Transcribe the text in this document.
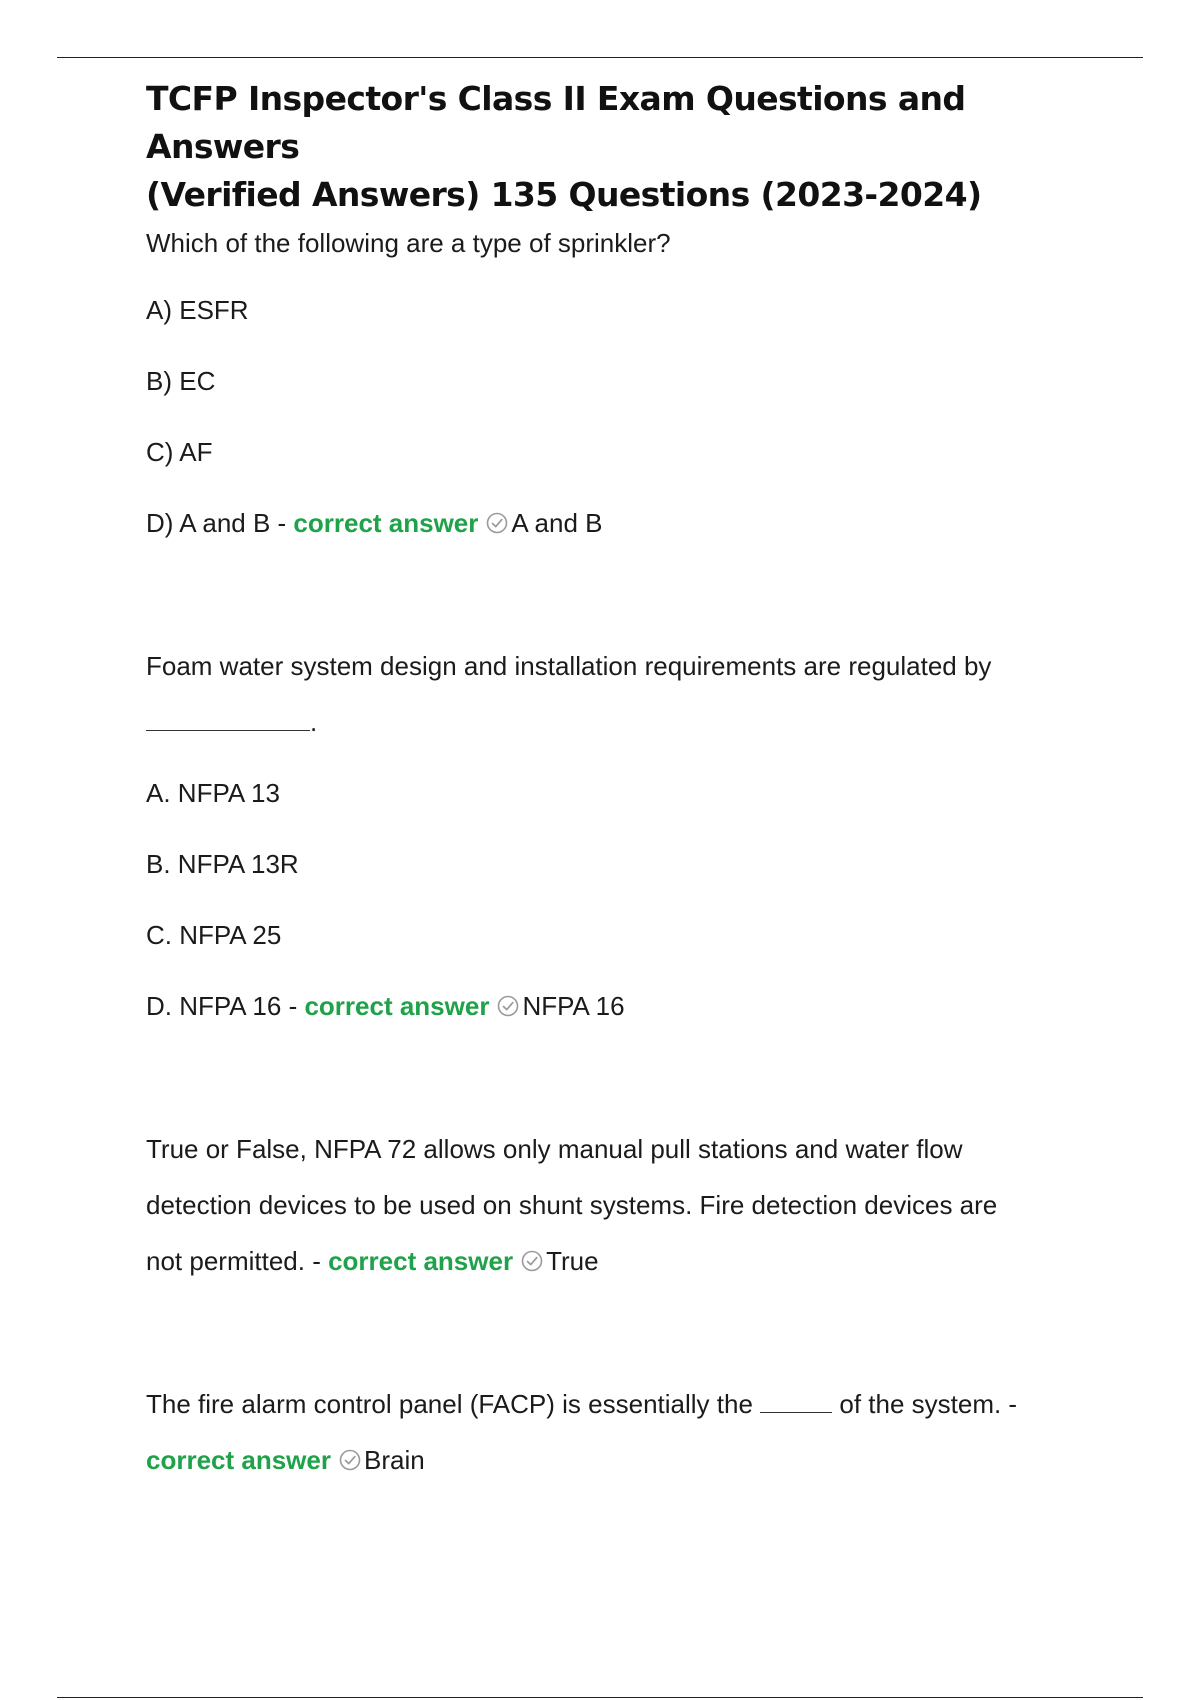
TCFP Inspector's Class II Exam Questions and Answers
(Verified Answers) 135 Questions (2023-2024)

Which of the following are a type of sprinkler?

A) ESFR

B) EC

C) AF

D) A and B - correct answer A and B

Foam water system design and installation requirements are regulated by

.

A. NFPA 13

B. NFPA 13R

C. NFPA 25

D. NFPA 16 - correct answer NFPA 16

True or False, NFPA 72 allows only manual pull stations and water flow

detection devices to be used on shunt systems. Fire detection devices are

not permitted. - correct answer True

The fire alarm control panel (FACP) is essentially the	of the system. -

correct answer Brain
